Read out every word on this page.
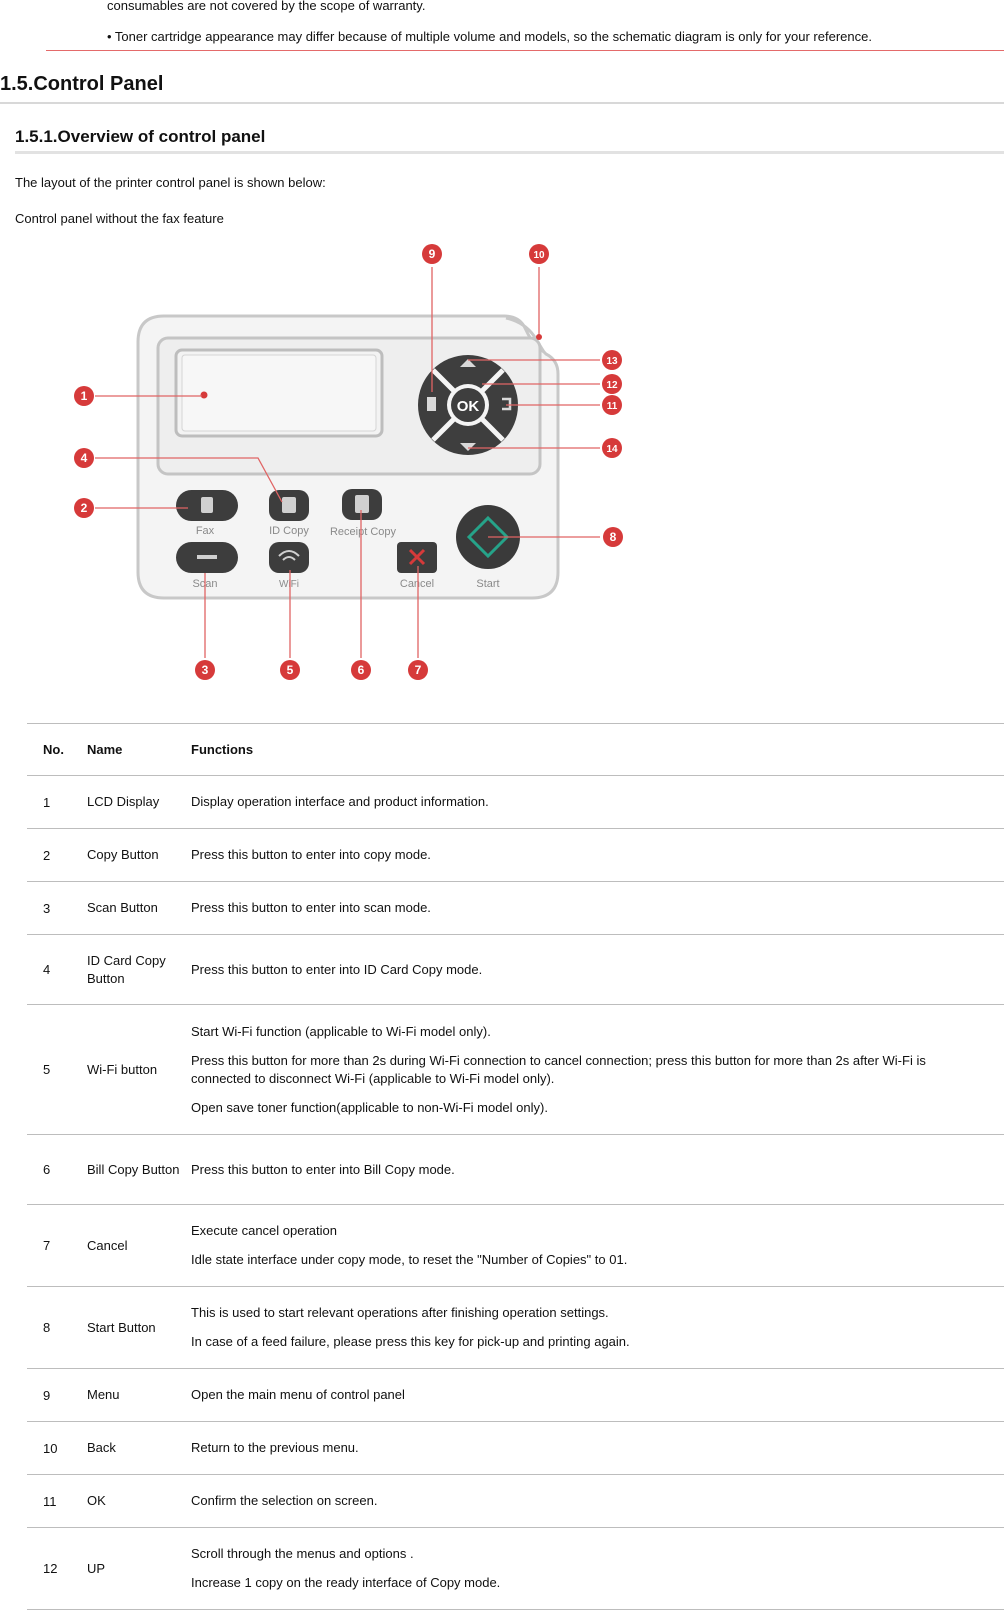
consumables are not covered by the scope of warranty.
• Toner cartridge appearance may differ because of multiple volume and models, so the schematic diagram is only for your reference.
1.5.Control Panel
1.5.1.Overview of control panel
The layout of the printer control panel is shown below:
Control panel without the fax feature
OK
Fax	ID Copy Receipt Copy
Scan	WiFi	Cancel	Start
1
2
3
4
5	6	7
8
9	10
11
12
13
14
No.	Name	Functions
1	LCD Display	Display operation interface and product information.

2	Copy Button	Press this button to enter into copy mode.

3	Scan Button	Press this button to enter into scan mode.

4	ID Card Copy Button	Press this button to enter into ID Card Copy mode.

5	Wi-Fi button	Start Wi-Fi function (applicable to Wi-Fi model only).

Press this button for more than 2s during Wi-Fi connection to cancel connection; press this button for more than 2s after Wi-Fi is connected to disconnect Wi-Fi (applicable to Wi-Fi model only).

Open save toner function(applicable to non-Wi-Fi model only).

6	Bill Copy Button	Press this button to enter into Bill Copy mode.

7	Cancel	Execute cancel operation

Idle state interface under copy mode, to reset the "Number of Copies" to 01.

8	Start Button	This is used to start relevant operations after finishing operation settings.

In case of a feed failure, please press this key for pick-up and printing again.

9	Menu	Open the main menu of control panel

10	Back	Return to the previous menu.

11	OK	Confirm the selection on screen.

12	UP	Scroll through the menus and options .

Increase 1 copy on the ready interface of Copy mode.
